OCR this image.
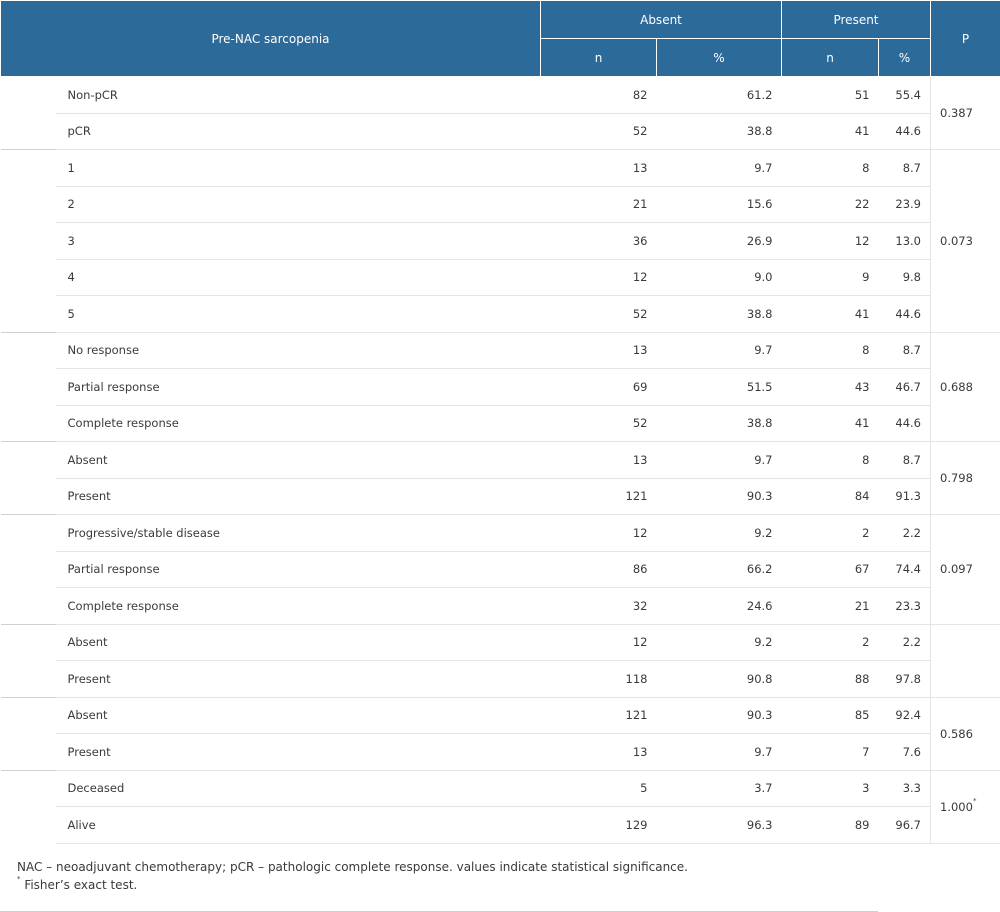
Pre-NAC sarcopenia		Absent		Present		P
		n	%	n	%	
	Non-pCR	82	61.2	51	55.4	0.387
	pCR	52	38.8	41	44.6	
	1	13	9.7	8	8.7	0.073
	2	21	15.6	22	23.9	
	3	36	26.9	12	13.0	
	4	12	9.0	9	9.8	
	5	52	38.8	41	44.6	
	No response	13	9.7	8	8.7	0.688
	Partial response	69	51.5	43	46.7	
	Complete response	52	38.8	41	44.6	
	Absent	13	9.7	8	8.7	0.798
	Present	121	90.3	84	91.3	
	Progressive/stable disease	12	9.2	2	2.2	0.097
	Partial response	86	66.2	67	74.4	
	Complete response	32	24.6	21	23.3	
	Absent	12	9.2	2	2.2	
	Present	118	90.8	88	97.8	
	Absent	121	90.3	85	92.4	0.586
	Present	13	9.7	7	7.6	
	Deceased	5	3.7	3	3.3	1.000*
	Alive	129	96.3	89	96.7	
NAC – neoadjuvant chemotherapy; pCR – pathologic complete response. values indicate statistical significance.
* Fisher’s exact test.
